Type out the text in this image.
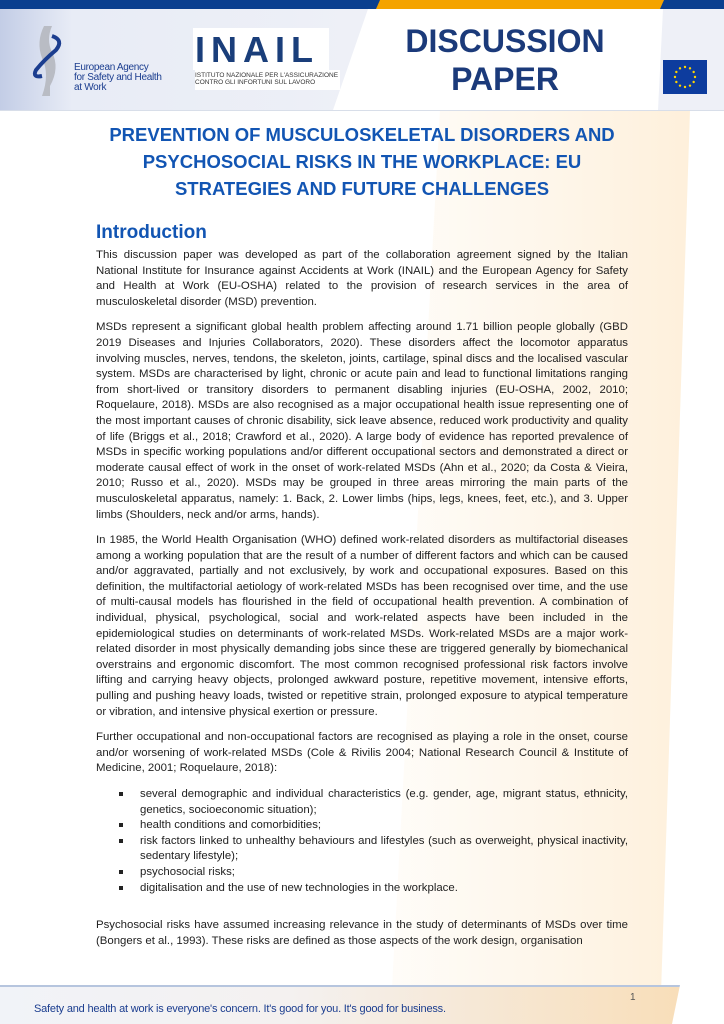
European Agency
for Safety and Health
at Work
INAIL
ISTITUTO NAZIONALE PER L'ASSICURAZIONE
CONTRO GLI INFORTUNI SUL LAVORO
DISCUSSION
PAPER
PREVENTION OF MUSCULOSKELETAL DISORDERS AND PSYCHOSOCIAL RISKS IN THE WORKPLACE: EU STRATEGIES AND FUTURE CHALLENGES
Introduction

This discussion paper was developed as part of the collaboration agreement signed by the Italian National Institute for Insurance against Accidents at Work (INAIL) and the European Agency for Safety and Health at Work (EU-OSHA) related to the provision of research services in the area of musculoskeletal disorder (MSD) prevention.

MSDs represent a significant global health problem affecting around 1.71 billion people globally (GBD 2019 Diseases and Injuries Collaborators, 2020). These disorders affect the locomotor apparatus involving muscles, nerves, tendons, the skeleton, joints, cartilage, spinal discs and the localised vascular system. MSDs are characterised by light, chronic or acute pain and lead to functional limitations ranging from short-lived or transitory disorders to permanent disabling injuries (EU-OSHA, 2002, 2010; Roquelaure, 2018). MSDs are also recognised as a major occupational health issue representing one of the most important causes of chronic disability, sick leave absence, reduced work productivity and quality of life (Briggs et al., 2018; Crawford et al., 2020). A large body of evidence has reported prevalence of MSDs in specific working populations and/or different occupational sectors and demonstrated a direct or moderate causal effect of work in the onset of work-related MSDs (Ahn et al., 2020; da Costa & Vieira, 2010; Russo et al., 2020). MSDs may be grouped in three areas mirroring the main parts of the musculoskeletal apparatus, namely: 1. Back, 2. Lower limbs (hips, legs, knees, feet, etc.), and 3. Upper limbs (Shoulders, neck and/or arms, hands).

In 1985, the World Health Organisation (WHO) defined work-related disorders as multifactorial diseases among a working population that are the result of a number of different factors and which can be caused and/or aggravated, partially and not exclusively, by work and occupational exposures. Based on this definition, the multifactorial aetiology of work-related MSDs has been recognised over time, and the use of multi-causal models has flourished in the field of occupational health prevention. A combination of individual, physical, psychological, social and work-related aspects have been included in the epidemiological studies on determinants of work-related MSDs. Work-related MSDs are a major work-related disorder in most physically demanding jobs since these are triggered generally by biomechanical overstrains and ergonomic discomfort. The most common recognised professional risk factors involve lifting and carrying heavy objects, prolonged awkward posture, repetitive movement, intensive efforts, pulling and pushing heavy loads, twisted or repetitive strain, prolonged exposure to atypical temperature or vibration, and intensive physical exertion or pressure.

Further occupational and non-occupational factors are recognised as playing a role in the onset, course and/or worsening of work-related MSDs (Cole & Rivilis 2004; National Research Council & Institute of Medicine, 2001; Roquelaure, 2018):

several demographic and individual characteristics (e.g. gender, age, migrant status, ethnicity, genetics, socioeconomic situation);
health conditions and comorbidities;
risk factors linked to unhealthy behaviours and lifestyles (such as overweight, physical inactivity, sedentary lifestyle);
psychosocial risks;
digitalisation and the use of new technologies in the workplace.

Psychosocial risks have assumed increasing relevance in the study of determinants of MSDs over time (Bongers et al., 1993). These risks are defined as those aspects of the work design, organisation

Safety and health at work is everyone's concern. It's good for you. It's good for business.
1
